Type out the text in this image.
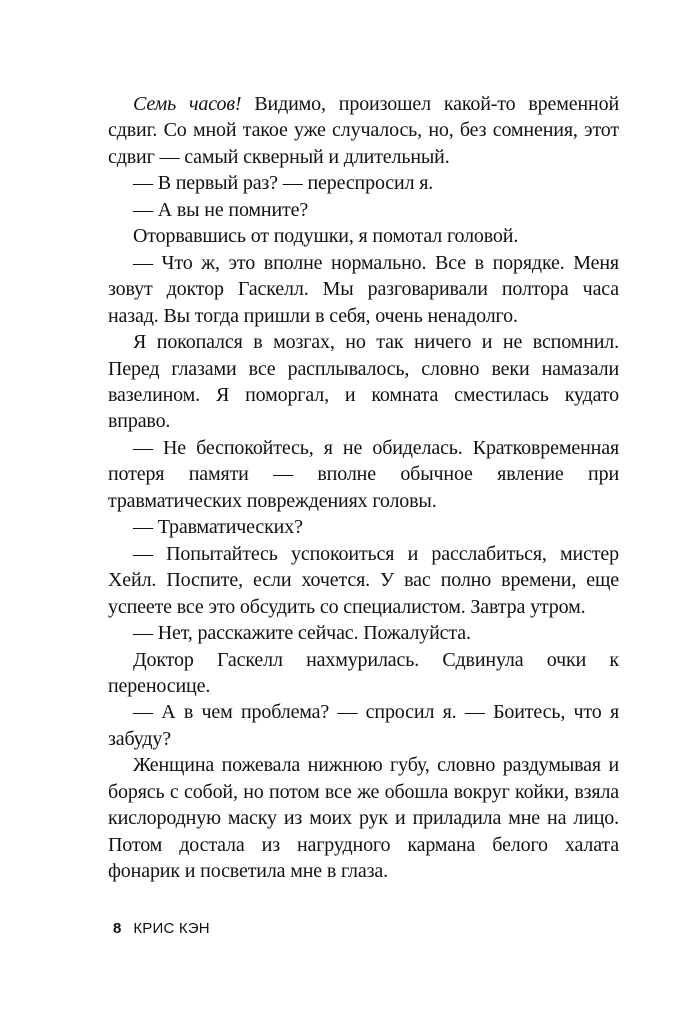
Семь часов! Видимо, произошел какой-то временной сдвиг. Со мной такое уже случалось, но, без сомнения, этот сдвиг — самый скверный и длительный.

— В первый раз? — переспросил я.

— А вы не помните?

Оторвавшись от подушки, я помотал головой.

— Что ж, это вполне нормально. Все в порядке. Меня зовут доктор Гаскелл. Мы разговаривали полтора часа назад. Вы тогда пришли в себя, очень ненадолго.

Я покопался в мозгах, но так ничего и не вспомнил. Перед глазами все расплывалось, словно веки намазали вазелином. Я поморгал, и комната сместилась кудато вправо.

— Не беспокойтесь, я не обиделась. Кратковременная потеря памяти — вполне обычное явление при травматических повреждениях головы.

— Травматических?

— Попытайтесь успокоиться и расслабиться, мистер Хейл. Поспите, если хочется. У вас полно времени, еще успеете все это обсудить со специалистом. Завтра утром.

— Нет, расскажите сейчас. Пожалуйста.

Доктор Гаскелл нахмурилась. Сдвинула очки к переносице.

— А в чем проблема? — спросил я. — Боитесь, что я забуду?

Женщина пожевала нижнюю губу, словно раздумывая и борясь с собой, но потом все же обошла вокруг койки, взяла кислородную маску из моих рук и приладила мне на лицо. Потом достала из нагрудного кармана белого халата фонарик и посветила мне в глаза.

8 КРИС КЭН
